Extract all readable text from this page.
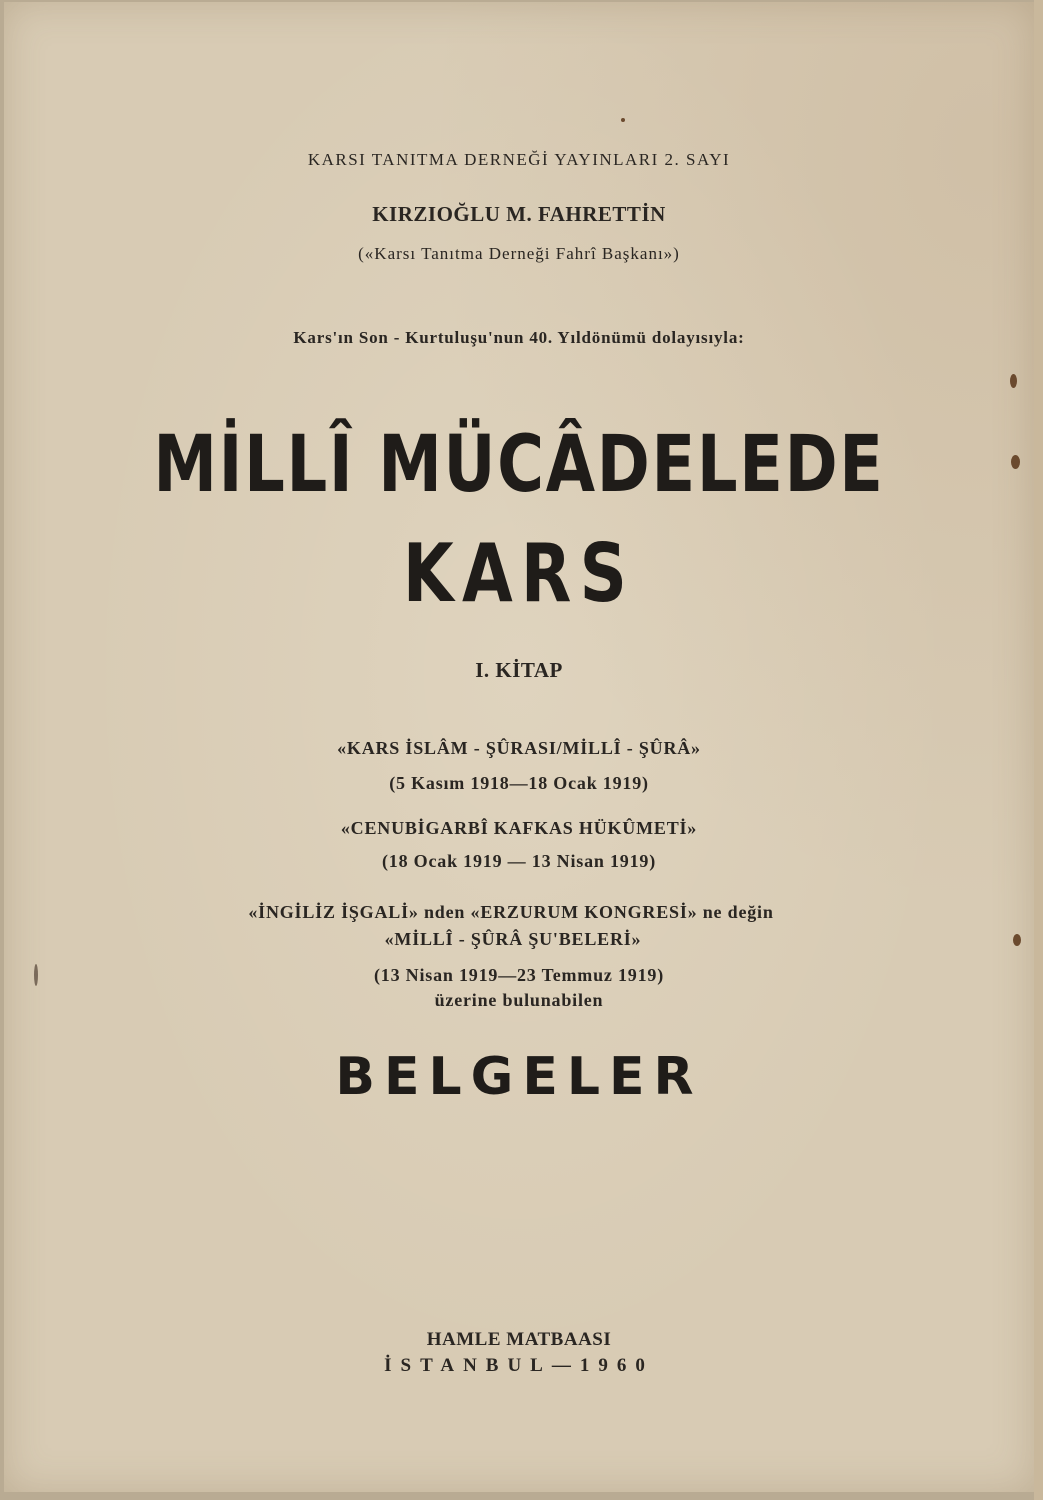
KARSI TANITMA DERNEĞİ YAYINLARI 2. SAYI
KIRZIOĞLU M. FAHRETTİN
(«Karsı Tanıtma Derneği Fahrî Başkanı»)
Kars'ın Son - Kurtuluşu'nun 40. Yıldönümü dolayısıyla:
MİLLÎ MÜCÂDELEDE
KARS
I. KİTAP
«KARS İSLÂM - ŞÛRASI/MİLLÎ - ŞÛRÂ»
(5 Kasım 1918—18 Ocak 1919)
«CENUBİGARBÎ KAFKAS HÜKÛMETİ»
(18 Ocak 1919 — 13 Nisan 1919)
«İNGİLİZ İŞGALİ» nden «ERZURUM KONGRESİ» ne değin
«MİLLÎ - ŞÛRÂ ŞU'BELERİ»
(13 Nisan 1919—23 Temmuz 1919)
üzerine bulunabilen
BELGELER
HAMLE MATBAASI
İSTANBUL—1960
